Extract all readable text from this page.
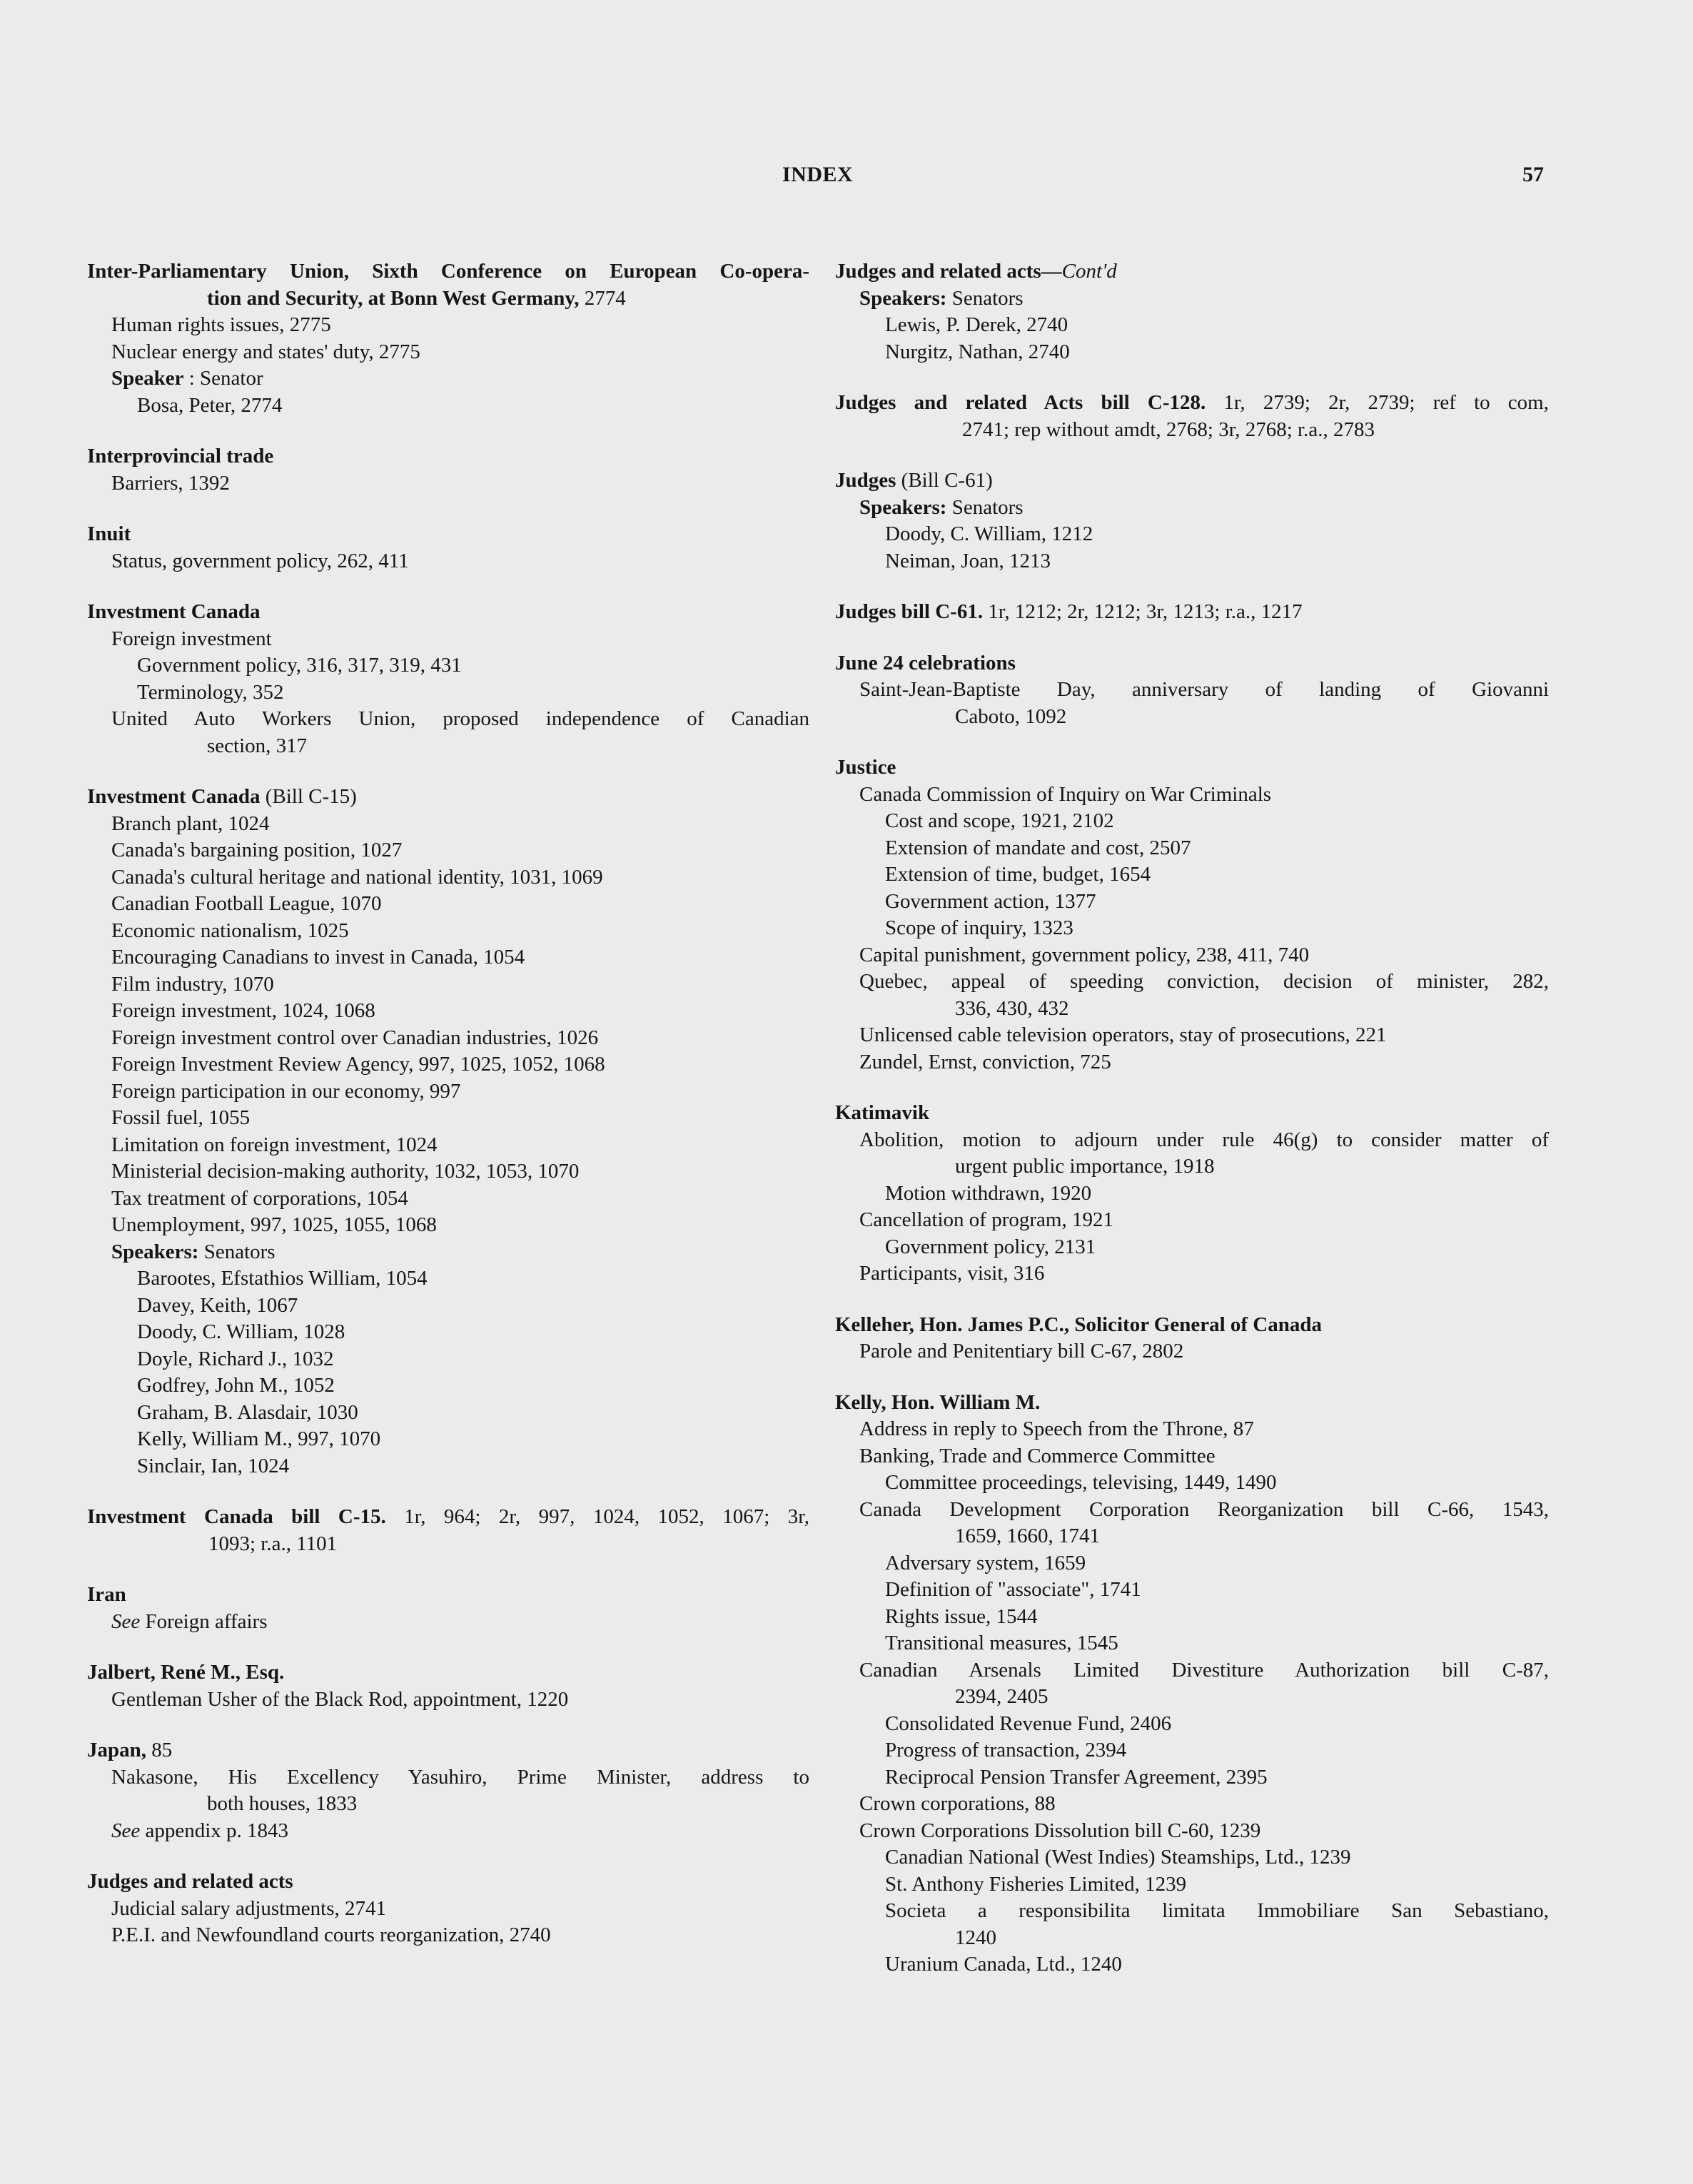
INDEX	57
Inter-Parliamentary Union, Sixth Conference on European Co-opera-
tion and Security, at Bonn West Germany, 2774
Human rights issues, 2775
Nuclear energy and states' duty, 2775
Speaker : Senator
Bosa, Peter, 2774
Interprovincial trade
Barriers, 1392
Inuit
Status, government policy, 262, 411
Investment Canada
Foreign investment
Government policy, 316, 317, 319, 431
Terminology, 352
United Auto Workers Union, proposed independence of Canadian
section, 317
Investment Canada (Bill C-15)
Branch plant, 1024
Canada's bargaining position, 1027
Canada's cultural heritage and national identity, 1031, 1069
Canadian Football League, 1070
Economic nationalism, 1025
Encouraging Canadians to invest in Canada, 1054
Film industry, 1070
Foreign investment, 1024, 1068
Foreign investment control over Canadian industries, 1026
Foreign Investment Review Agency, 997, 1025, 1052, 1068
Foreign participation in our economy, 997
Fossil fuel, 1055
Limitation on foreign investment, 1024
Ministerial decision-making authority, 1032, 1053, 1070
Tax treatment of corporations, 1054
Unemployment, 997, 1025, 1055, 1068
Speakers: Senators
Barootes, Efstathios William, 1054
Davey, Keith, 1067
Doody, C. William, 1028
Doyle, Richard J., 1032
Godfrey, John M., 1052
Graham, B. Alasdair, 1030
Kelly, William M., 997, 1070
Sinclair, Ian, 1024
Investment Canada bill C-15. 1r, 964; 2r, 997, 1024, 1052, 1067; 3r,
1093; r.a., 1101
Iran
See Foreign affairs
Jalbert, René M., Esq.
Gentleman Usher of the Black Rod, appointment, 1220
Japan, 85
Nakasone, His Excellency Yasuhiro, Prime Minister, address to
both houses, 1833
See appendix p. 1843
Judges and related acts
Judicial salary adjustments, 2741
P.E.I. and Newfoundland courts reorganization, 2740
Judges and related acts—Cont'd
Speakers: Senators
Lewis, P. Derek, 2740
Nurgitz, Nathan, 2740
Judges and related Acts bill C-128. 1r, 2739; 2r, 2739; ref to com,
2741; rep without amdt, 2768; 3r, 2768; r.a., 2783
Judges (Bill C-61)
Speakers: Senators
Doody, C. William, 1212
Neiman, Joan, 1213
Judges bill C-61. 1r, 1212; 2r, 1212; 3r, 1213; r.a., 1217
June 24 celebrations
Saint-Jean-Baptiste Day, anniversary of landing of Giovanni
Caboto, 1092
Justice
Canada Commission of Inquiry on War Criminals
Cost and scope, 1921, 2102
Extension of mandate and cost, 2507
Extension of time, budget, 1654
Government action, 1377
Scope of inquiry, 1323
Capital punishment, government policy, 238, 411, 740
Quebec, appeal of speeding conviction, decision of minister, 282,
336, 430, 432
Unlicensed cable television operators, stay of prosecutions, 221
Zundel, Ernst, conviction, 725
Katimavik
Abolition, motion to adjourn under rule 46(g) to consider matter of
urgent public importance, 1918
Motion withdrawn, 1920
Cancellation of program, 1921
Government policy, 2131
Participants, visit, 316
Kelleher, Hon. James P.C., Solicitor General of Canada
Parole and Penitentiary bill C-67, 2802
Kelly, Hon. William M.
Address in reply to Speech from the Throne, 87
Banking, Trade and Commerce Committee
Committee proceedings, televising, 1449, 1490
Canada Development Corporation Reorganization bill C-66, 1543,
1659, 1660, 1741
Adversary system, 1659
Definition of "associate", 1741
Rights issue, 1544
Transitional measures, 1545
Canadian Arsenals Limited Divestiture Authorization bill C-87,
2394, 2405
Consolidated Revenue Fund, 2406
Progress of transaction, 2394
Reciprocal Pension Transfer Agreement, 2395
Crown corporations, 88
Crown Corporations Dissolution bill C-60, 1239
Canadian National (West Indies) Steamships, Ltd., 1239
St. Anthony Fisheries Limited, 1239
Societa a responsibilita limitata Immobiliare San Sebastiano,
1240
Uranium Canada, Ltd., 1240
